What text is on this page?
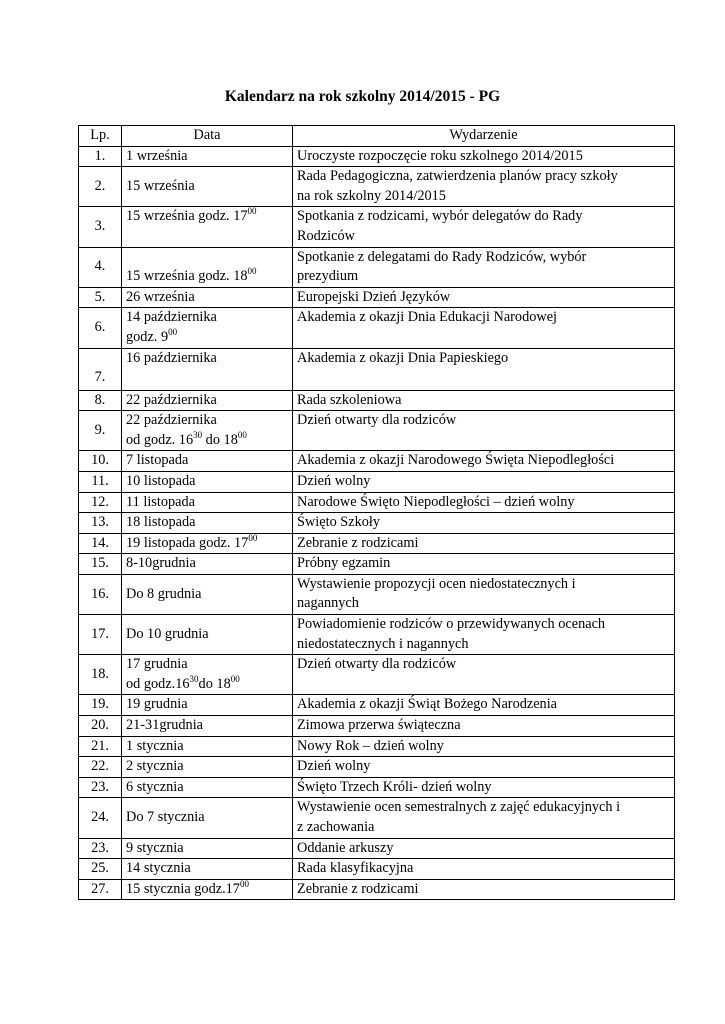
Kalendarz na rok szkolny 2014/2015 - PG
Lp.	Data	Wydarzenie
1.	1 września	Uroczyste rozpoczęcie roku szkolnego 2014/2015
2.	15 września	Rada Pedagogiczna, zatwierdzenia planów pracy szkoły
na rok szkolny 2014/2015

3.	15 września godz. $17^{00}$	Spotkania z rodzicami, wybór delegatów do Rady
Rodziców

4.	15 września godz. $18^{00}$	Spotkanie z delegatami do Rady Rodziców, wybór
prezydium

5.	26 września	Europejski Dzień Języków
6.	14 października
godz. $9^{00}$	Akademia z okazji Dnia Edukacji Narodowej
7.	16 października	Akademia z okazji Dnia Papieskiego
8.	22 października	Rada szkoleniowa
9.	22 października
od godz. $16^{30}$ do $18^{00}$	Dzień otwarty dla rodziców
10.	7 listopada	Akademia z okazji Narodowego Święta Niepodległości
11.	10 listopada	Dzień wolny
12.	11 listopada	Narodowe Święto Niepodległości – dzień wolny
13.	18 listopada	Święto Szkoły
14.	19 listopada godz. $17^{00}$	Zebranie z rodzicami
15.	8-10grudnia	Próbny egzamin
16.	Do 8 grudnia	Wystawienie propozycji ocen niedostatecznych i
nagannych

17.	Do 10 grudnia	Powiadomienie rodziców o przewidywanych ocenach
niedostatecznych i nagannych

18.	17 grudnia
od $godz.16^{30}do$ $18^{00}$	Dzień otwarty dla rodziców
19.	19 grudnia	Akademia z okazji Świąt Bożego Narodzenia
20.	21-31grudnia	Zimowa przerwa świąteczna
21.	1 stycznia	Nowy Rok – dzień wolny
22.	2 stycznia	Dzień wolny
23.	6 stycznia	Święto Trzech Króli- dzień wolny
24.	Do 7 stycznia	Wystawienie ocen semestralnych z zajęć edukacyjnych i
z zachowania

23.	9 stycznia	Oddanie arkuszy
25.	14 stycznia	Rada klasyfikacyjna
27.	15 stycznia $godz.17^{00}$	Zebranie z rodzicami
